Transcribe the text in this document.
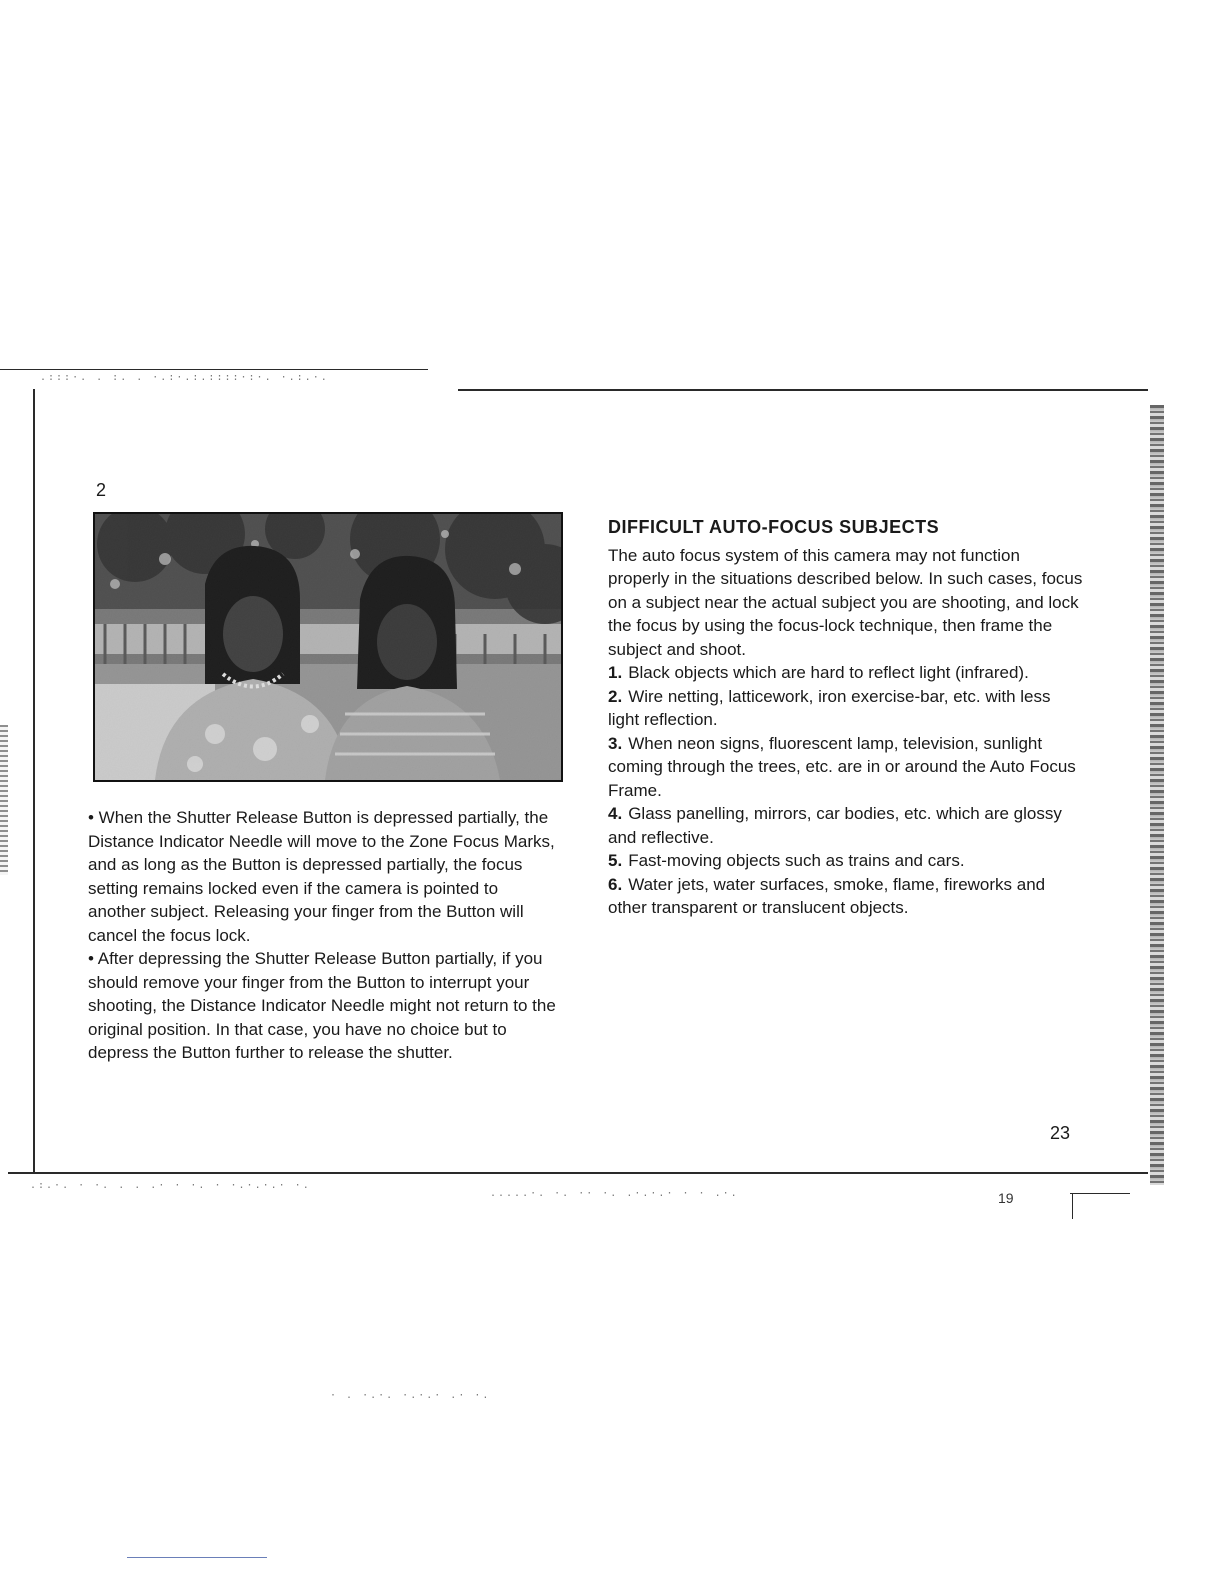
.:::·. . :. . ·.:·.:.::::·:·. ·.:.·.
.:.·. · ·. . . .· · ·. · ·.·.·.· ·.
.....·. ·. ·· ·. .·.·.· · · .·.
· . ·.·. ·.·.· .· ·.
2

• When the Shutter Release Button is depressed partially, the Distance Indicator Needle will move to the Zone Focus Marks, and as long as the Button is depressed partially, the focus setting remains locked even if the camera is pointed to another subject. Releasing your finger from the Button will cancel the focus lock.

• After depressing the Shutter Release Button partially, if you should remove your finger from the Button to interrupt your shooting, the Distance Indicator Needle might not return to the original position. In that case, you have no choice but to depress the Button further to release the shutter.

DIFFICULT AUTO-FOCUS SUBJECTS

The auto focus system of this camera may not function properly in the situations described below. In such cases, focus on a subject near the actual subject you are shooting, and lock the focus by using the focus-lock technique, then frame the subject and shoot.

1. Black objects which are hard to reflect light (infrared).

2. Wire netting, latticework, iron exercise-bar, etc. with less light reflection.

3. When neon signs, fluorescent lamp, television, sunlight coming through the trees, etc. are in or around the Auto Focus Frame.

4. Glass panelling, mirrors, car bodies, etc. which are glossy and reflective.

5. Fast-moving objects such as trains and cars.

6. Water jets, water surfaces, smoke, flame, fireworks and other transparent or translucent objects.

23
19
